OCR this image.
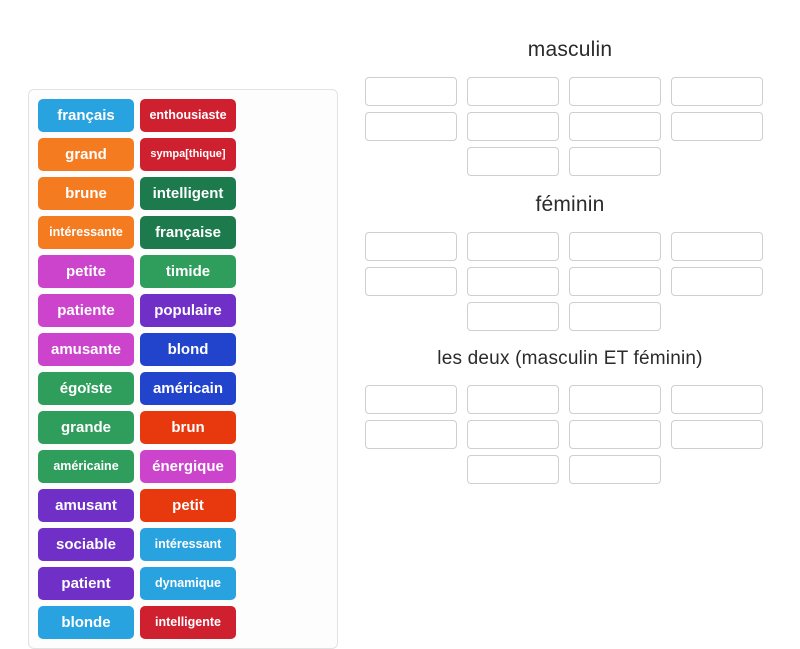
français	enthousiaste
grand	sympa[thique]
brune	intelligent
intéressante	française
petite	timide
patiente	populaire
amusante	blond
égoïste	américain
grande	brun
américaine	énergique
amusant	petit
sociable	intéressant
patient	dynamique
blonde	intelligente
masculin
féminin
les deux (masculin ET féminin)
